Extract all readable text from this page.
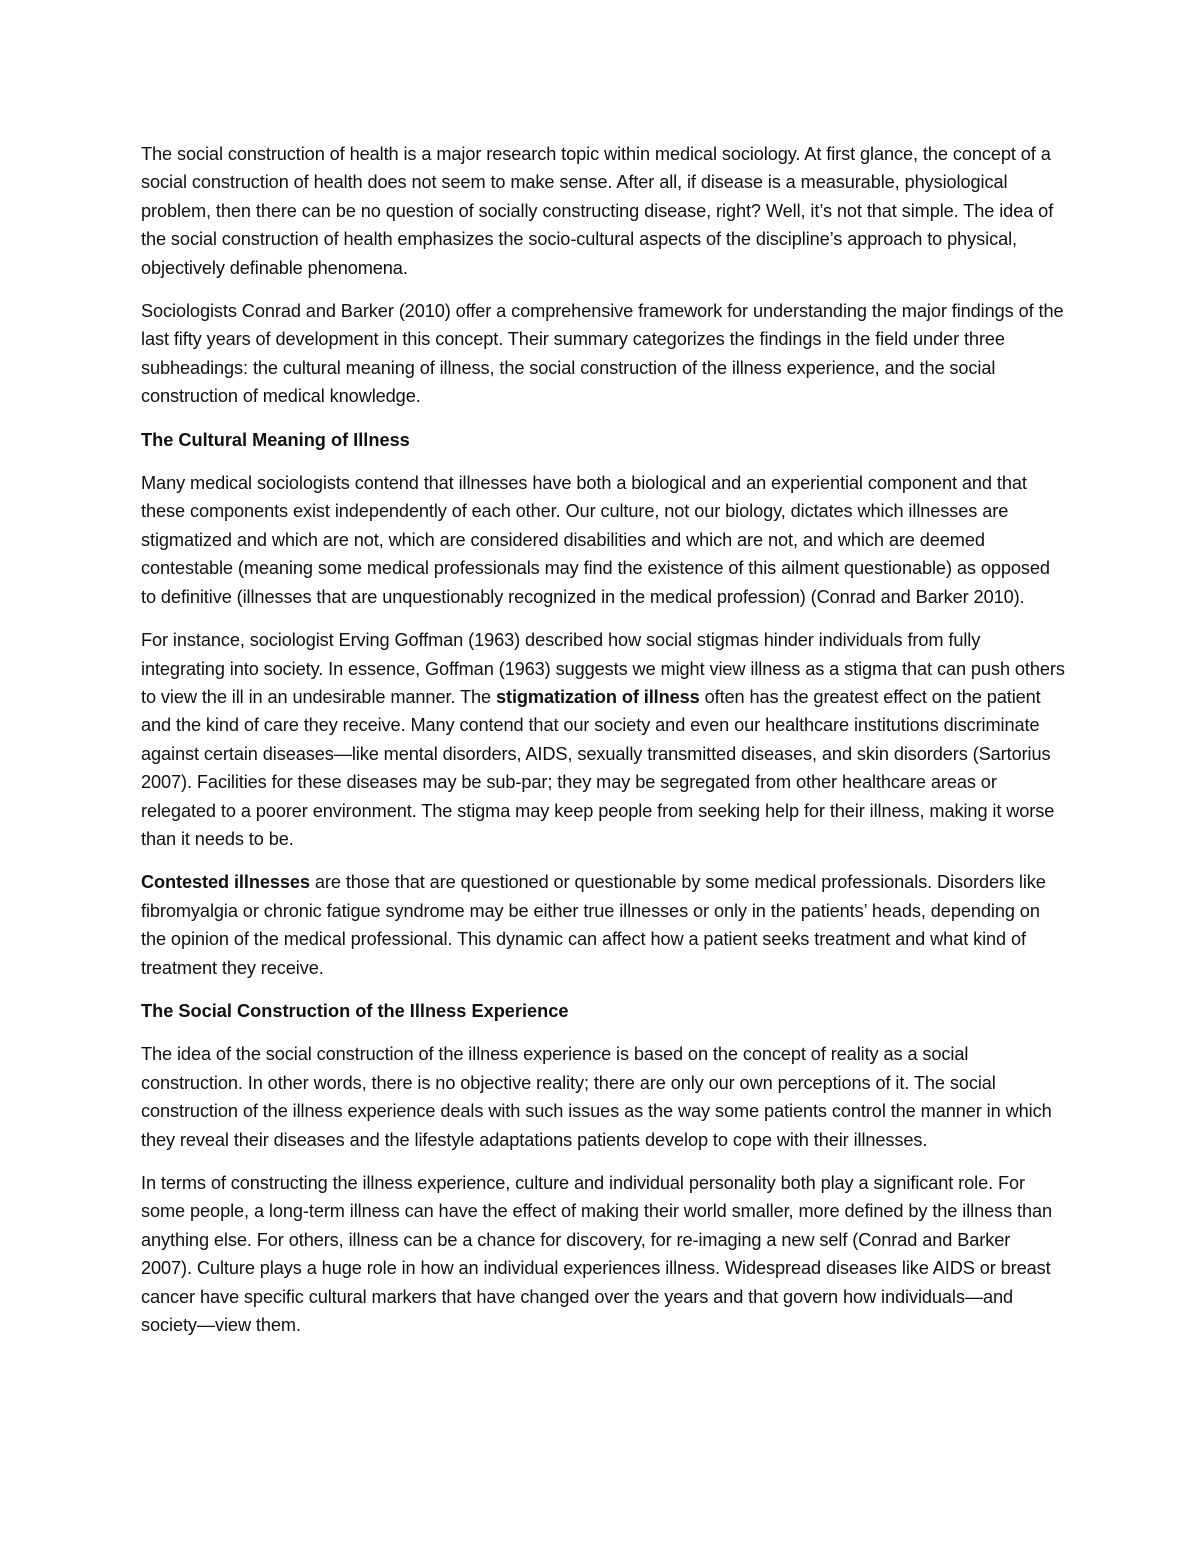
The social construction of health is a major research topic within medical sociology. At first glance, the concept of a social construction of health does not seem to make sense. After all, if disease is a measurable, physiological problem, then there can be no question of socially constructing disease, right? Well, it’s not that simple. The idea of the social construction of health emphasizes the socio-cultural aspects of the discipline’s approach to physical, objectively definable phenomena.

Sociologists Conrad and Barker (2010) offer a comprehensive framework for understanding the major findings of the last fifty years of development in this concept. Their summary categorizes the findings in the field under three subheadings: the cultural meaning of illness, the social construction of the illness experience, and the social construction of medical knowledge.

The Cultural Meaning of Illness

Many medical sociologists contend that illnesses have both a biological and an experiential component and that these components exist independently of each other. Our culture, not our biology, dictates which illnesses are stigmatized and which are not, which are considered disabilities and which are not, and which are deemed contestable (meaning some medical professionals may find the existence of this ailment questionable) as opposed to definitive (illnesses that are unquestionably recognized in the medical profession) (Conrad and Barker 2010).

For instance, sociologist Erving Goffman (1963) described how social stigmas hinder individuals from fully integrating into society. In essence, Goffman (1963) suggests we might view illness as a stigma that can push others to view the ill in an undesirable manner. The stigmatization of illness often has the greatest effect on the patient and the kind of care they receive. Many contend that our society and even our healthcare institutions discriminate against certain diseases—like mental disorders, AIDS, sexually transmitted diseases, and skin disorders (Sartorius 2007). Facilities for these diseases may be sub-par; they may be segregated from other healthcare areas or relegated to a poorer environment. The stigma may keep people from seeking help for their illness, making it worse than it needs to be.

Contested illnesses are those that are questioned or questionable by some medical professionals. Disorders like fibromyalgia or chronic fatigue syndrome may be either true illnesses or only in the patients’ heads, depending on the opinion of the medical professional. This dynamic can affect how a patient seeks treatment and what kind of treatment they receive.

The Social Construction of the Illness Experience

The idea of the social construction of the illness experience is based on the concept of reality as a social construction. In other words, there is no objective reality; there are only our own perceptions of it. The social construction of the illness experience deals with such issues as the way some patients control the manner in which they reveal their diseases and the lifestyle adaptations patients develop to cope with their illnesses.

In terms of constructing the illness experience, culture and individual personality both play a significant role. For some people, a long-term illness can have the effect of making their world smaller, more defined by the illness than anything else. For others, illness can be a chance for discovery, for re-imaging a new self (Conrad and Barker 2007). Culture plays a huge role in how an individual experiences illness. Widespread diseases like AIDS or breast cancer have specific cultural markers that have changed over the years and that govern how individuals—and society—view them.
